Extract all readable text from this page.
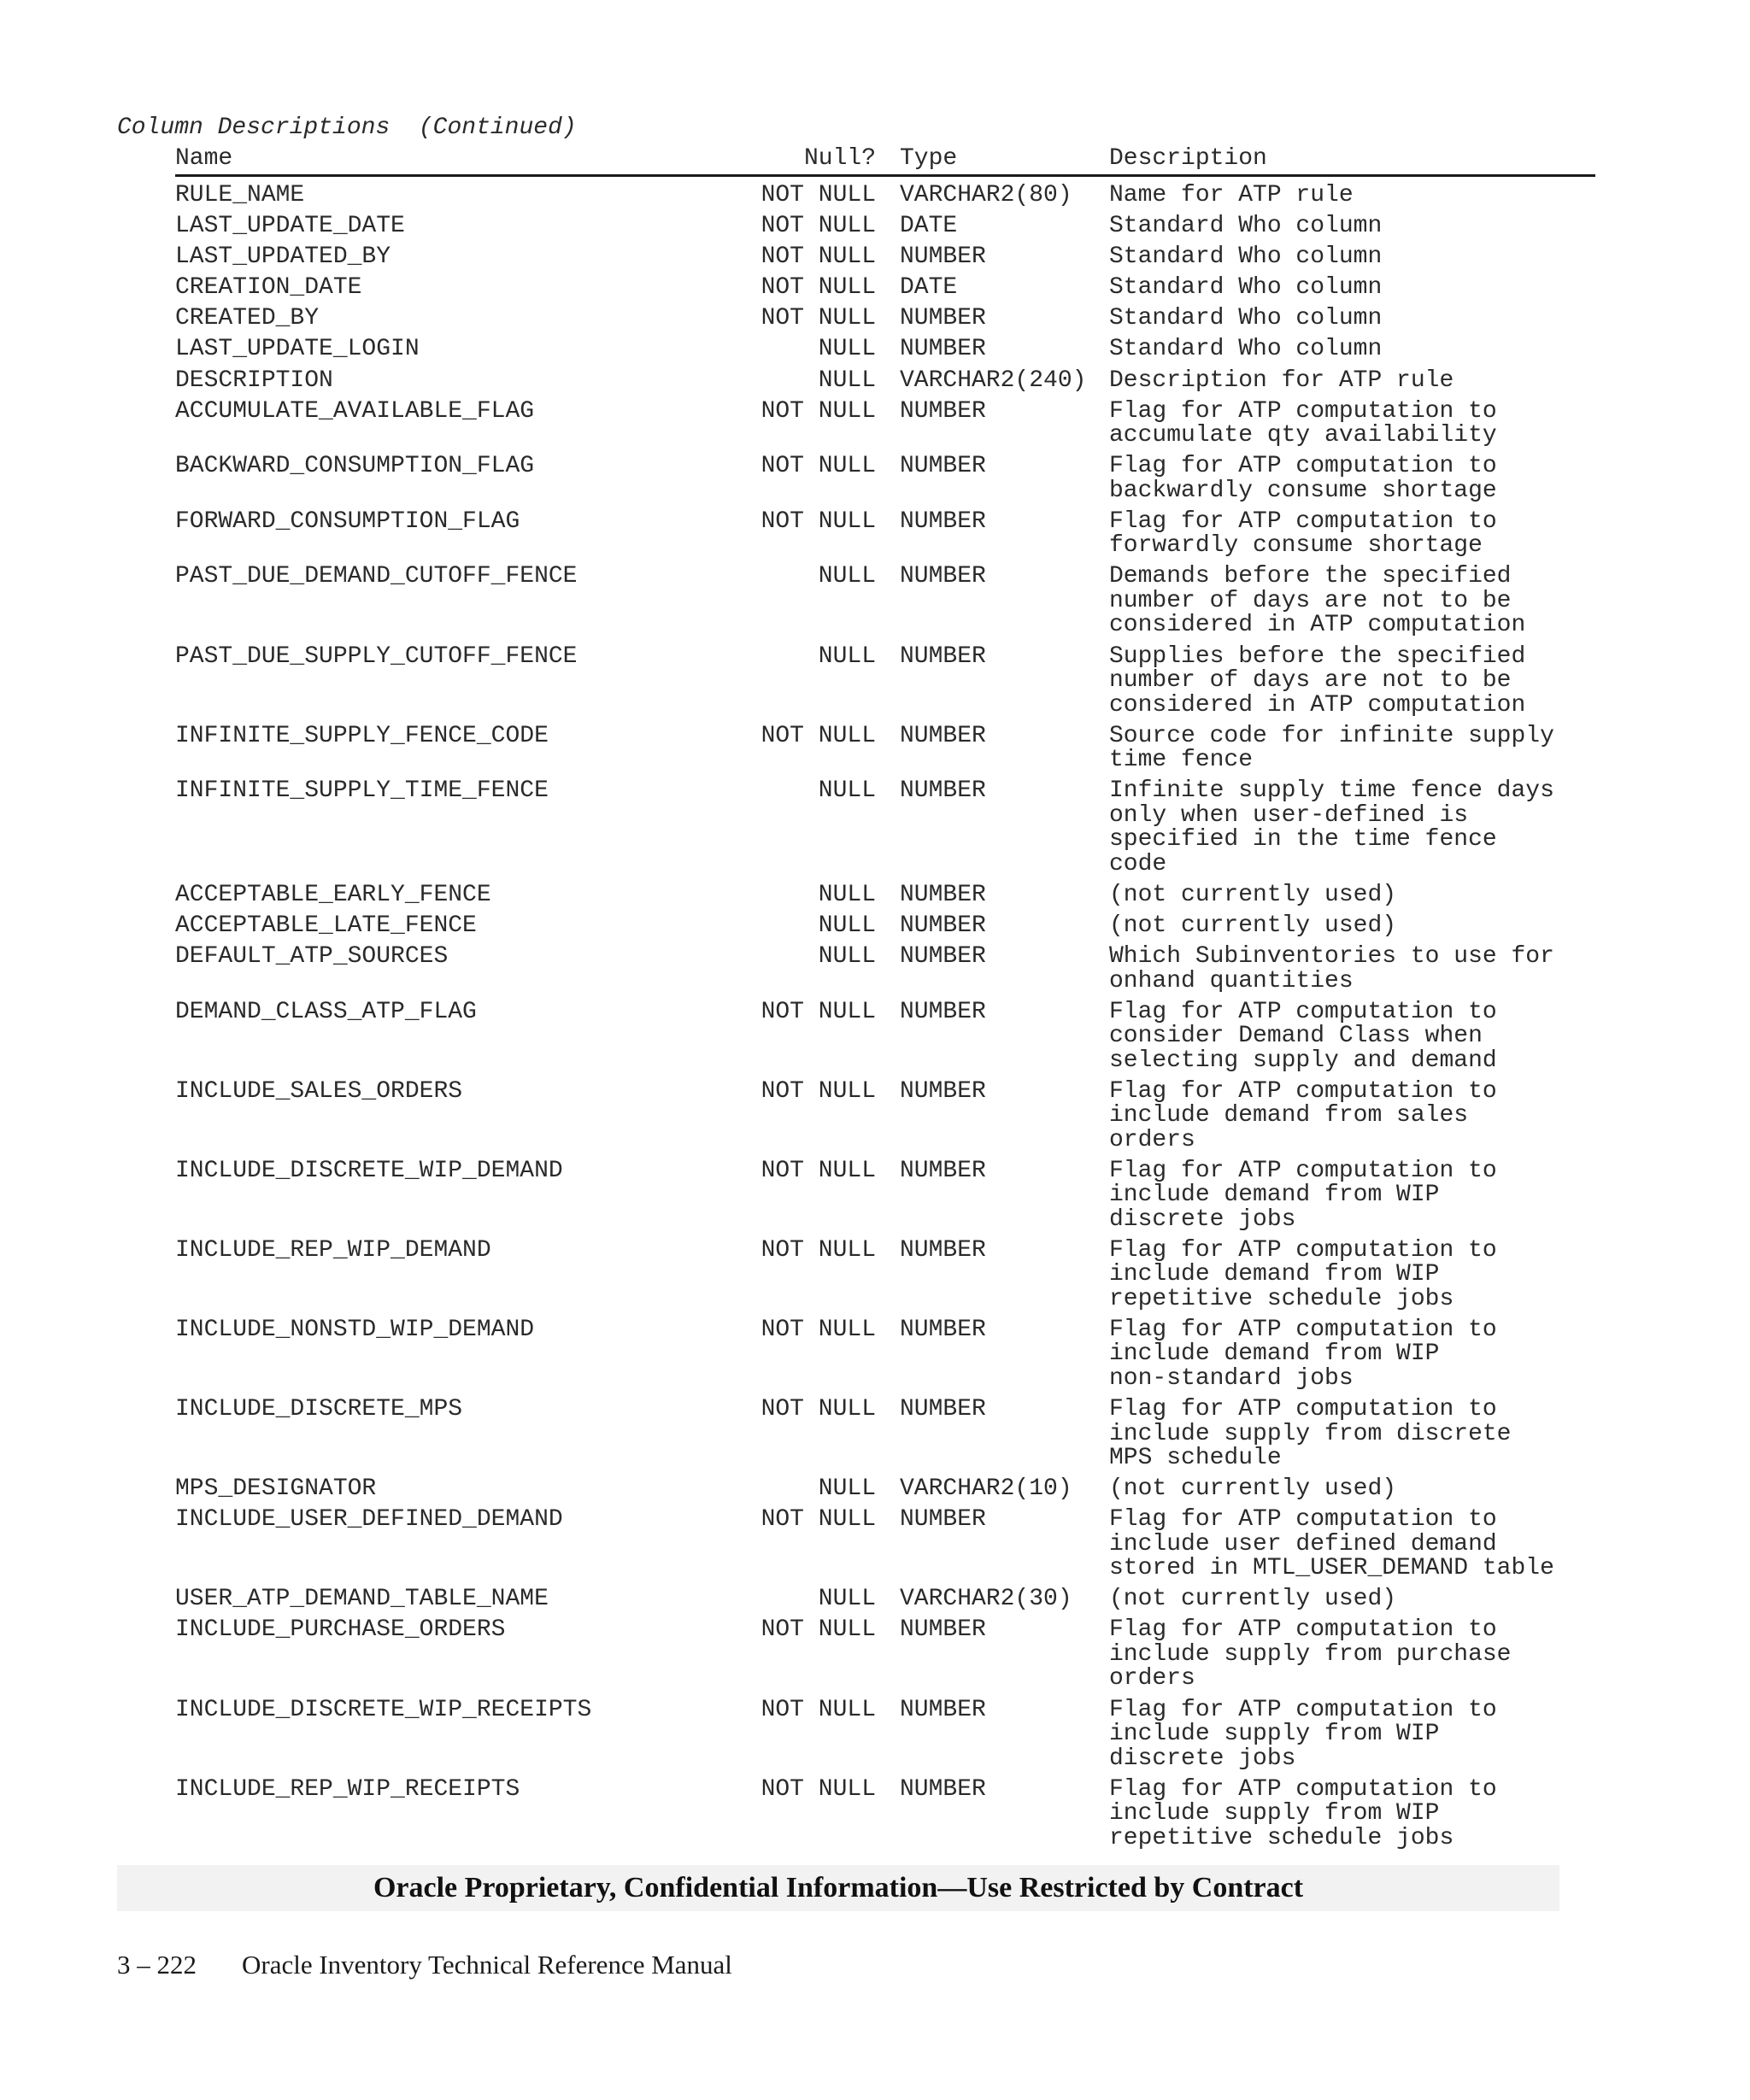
Column Descriptions  (Continued)
Name	Null? Type	Description
RULE_NAME	NOT NULL VARCHAR2(80) Name for ATP rule
LAST_UPDATE_DATE	NOT NULL DATE	Standard Who column
LAST_UPDATED_BY	NOT NULL NUMBER	Standard Who column
CREATION_DATE	NOT NULL DATE	Standard Who column
CREATED_BY	NOT NULL NUMBER	Standard Who column
LAST_UPDATE_LOGIN	NULL NUMBER	Standard Who column
DESCRIPTION	NULL VARCHAR2(240) Description for ATP rule
ACCUMULATE_AVAILABLE_FLAG	NOT NULL NUMBER	Flag for ATP computation to
accumulate qty availability
BACKWARD_CONSUMPTION_FLAG	NOT NULL NUMBER	Flag for ATP computation to
backwardly consume shortage
FORWARD_CONSUMPTION_FLAG	NOT NULL NUMBER	Flag for ATP computation to
forwardly consume shortage
PAST_DUE_DEMAND_CUTOFF_FENCE	NULL NUMBER	Demands before the specified
number of days are not to be
considered in ATP computation
PAST_DUE_SUPPLY_CUTOFF_FENCE	NULL NUMBER	Supplies before the specified
number of days are not to be
considered in ATP computation
INFINITE_SUPPLY_FENCE_CODE	NOT NULL NUMBER	Source code for infinite supply
time fence
INFINITE_SUPPLY_TIME_FENCE	NULL NUMBER	Infinite supply time fence days
only when user-defined is
specified in the time fence
code
ACCEPTABLE_EARLY_FENCE	NULL NUMBER	(not currently used)
ACCEPTABLE_LATE_FENCE	NULL NUMBER	(not currently used)
DEFAULT_ATP_SOURCES	NULL NUMBER	Which Subinventories to use for
onhand quantities
DEMAND_CLASS_ATP_FLAG	NOT NULL NUMBER	Flag for ATP computation to
consider Demand Class when
selecting supply and demand
INCLUDE_SALES_ORDERS	NOT NULL NUMBER	Flag for ATP computation to
include demand from sales
orders
INCLUDE_DISCRETE_WIP_DEMAND	NOT NULL NUMBER	Flag for ATP computation to
include demand from WIP
discrete jobs
INCLUDE_REP_WIP_DEMAND	NOT NULL NUMBER	Flag for ATP computation to
include demand from WIP
repetitive schedule jobs
INCLUDE_NONSTD_WIP_DEMAND	NOT NULL NUMBER	Flag for ATP computation to
include demand from WIP
non-standard jobs
INCLUDE_DISCRETE_MPS	NOT NULL NUMBER	Flag for ATP computation to
include supply from discrete
MPS schedule
MPS_DESIGNATOR	NULL VARCHAR2(10) (not currently used)
INCLUDE_USER_DEFINED_DEMAND	NOT NULL NUMBER	Flag for ATP computation to
include user defined demand
stored in MTL_USER_DEMAND table
USER_ATP_DEMAND_TABLE_NAME	NULL VARCHAR2(30) (not currently used)
INCLUDE_PURCHASE_ORDERS	NOT NULL NUMBER	Flag for ATP computation to
include supply from purchase
orders
INCLUDE_DISCRETE_WIP_RECEIPTS	NOT NULL NUMBER	Flag for ATP computation to
include supply from WIP
discrete jobs
INCLUDE_REP_WIP_RECEIPTS	NOT NULL NUMBER	Flag for ATP computation to
include supply from WIP
repetitive schedule jobs
Oracle Proprietary, Confidential Information––Use Restricted by Contract
3 – 222 Oracle Inventory Technical Reference Manual
